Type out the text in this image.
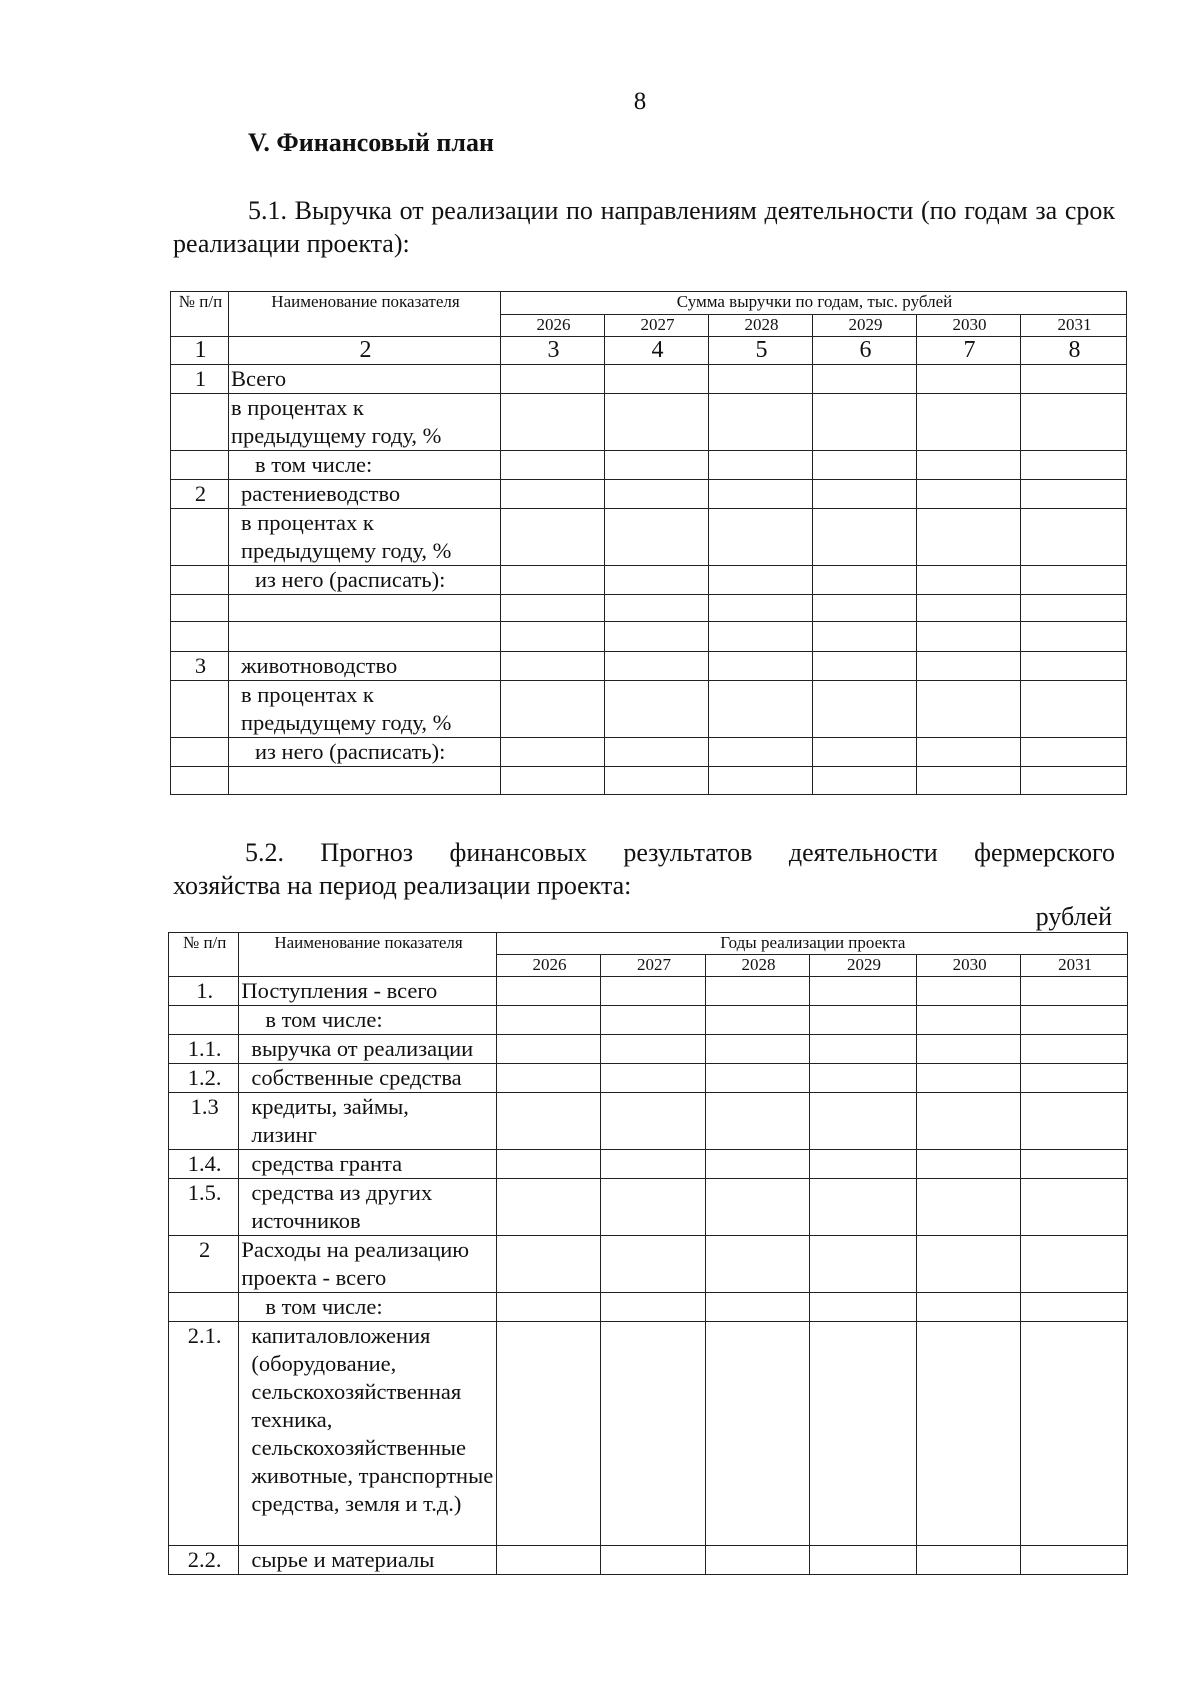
8
V. Финансовый план
5.1. Выручка от реализации по направлениям деятельности (по годам за срок реализации проекта):
№ п/п	Наименование показателя	Сумма выручки по годам, тыс. рублей					
		2026	2027	2028	2029	2030	2031
1	2	3	4	5	6	7	8
1	Всего						
	в процентах к предыдущему году, %						
	в том числе:						
2	растениеводство						
	в процентах к предыдущему году, %						
	из него (расписать):						

3	животноводство						
	в процентах к предыдущему году, %						
	из него (расписать):						

5.2. Прогноз финансовых результатов деятельности фермерского
хозяйства на период реализации проекта:
рублей
№ п/п	Наименование показателя	Годы реализации проекта					
		2026	2027	2028	2029	2030	2031
1.	Поступления - всего						
	в том числе:						
1.1.	выручка от реализации						
1.2.	собственные средства						
1.3	кредиты, займы, лизинг						
1.4.	средства гранта						
1.5.	средства из других источников						
2	Расходы на реализацию проекта - всего						
	в том числе:						
2.1.	капиталовложения (оборудование, сельскохозяйственная техника, сельскохозяйственные животные, транспортные средства, земля и т.д.)						
2.2.	сырье и материалы						
